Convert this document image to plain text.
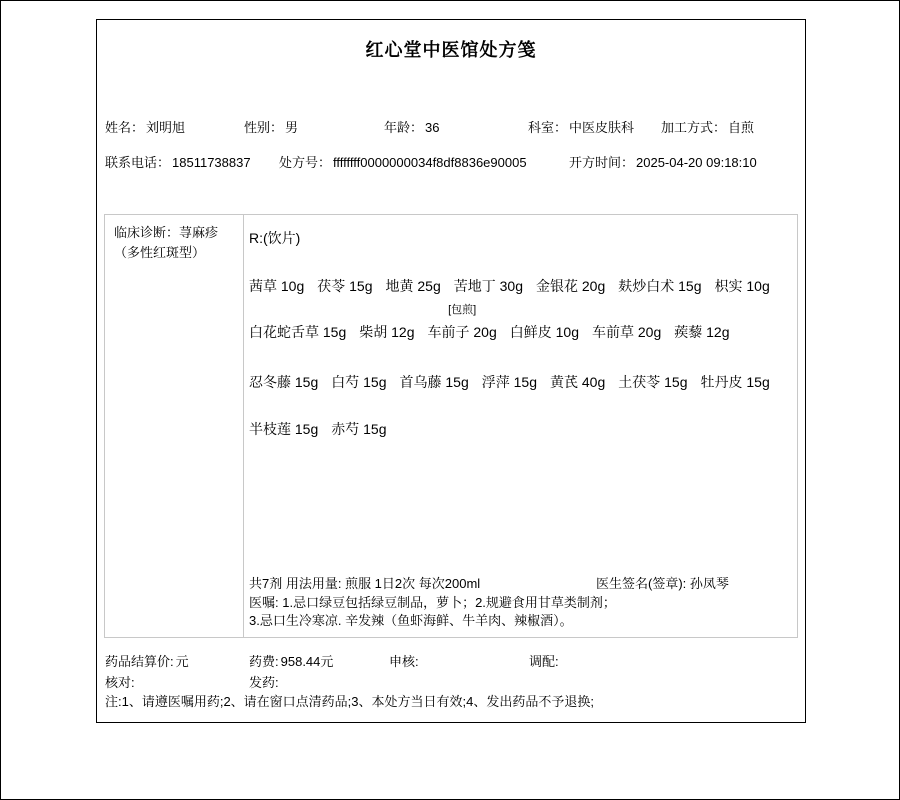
红心堂中医馆处方笺
姓名： 刘明旭	性别： 男	年龄： 36	科室： 中医皮肤科 加工方式： 自煎
联系电话： 18511738837 处方号： ffffffff0000000034f8df8836e90005	开方时间： 2025-04-20 09:18:10
临床诊断：荨麻疹
（多性红斑型）
R:(饮片)
茜草 10g 茯苓 15g 地黄 25g 苦地丁 30g 金银花 20g 麸炒白术 15g 枳实 10g
白花蛇舌草 15g 柴胡 12g
[包煎]
车前子 20g 白鲜皮 10g 车前草 20g 蒺藜 12g
忍冬藤 15g 白芍 15g 首乌藤 15g 浮萍 15g 黄芪 40g 土茯苓 15g 牡丹皮 15g
半枝莲 15g 赤芍 15g
共7剂 用法用量: 煎服 1日2次 每次200ml	医生签名(签章): 孙凤琴
医嘱: 1.忌口绿豆包括绿豆制品，萝卜；2.规避食用甘草类制剂；
3.忌口生冷寒凉. 辛发辣（鱼虾海鲜、牛羊肉、辣椒酒）。
药品结算价: 元	药费: 958.44元	申核:	调配:
核对:	发药:
注:1、请遵医嘱用药;2、请在窗口点清药品;3、本处方当日有效;4、发出药品不予退换;
